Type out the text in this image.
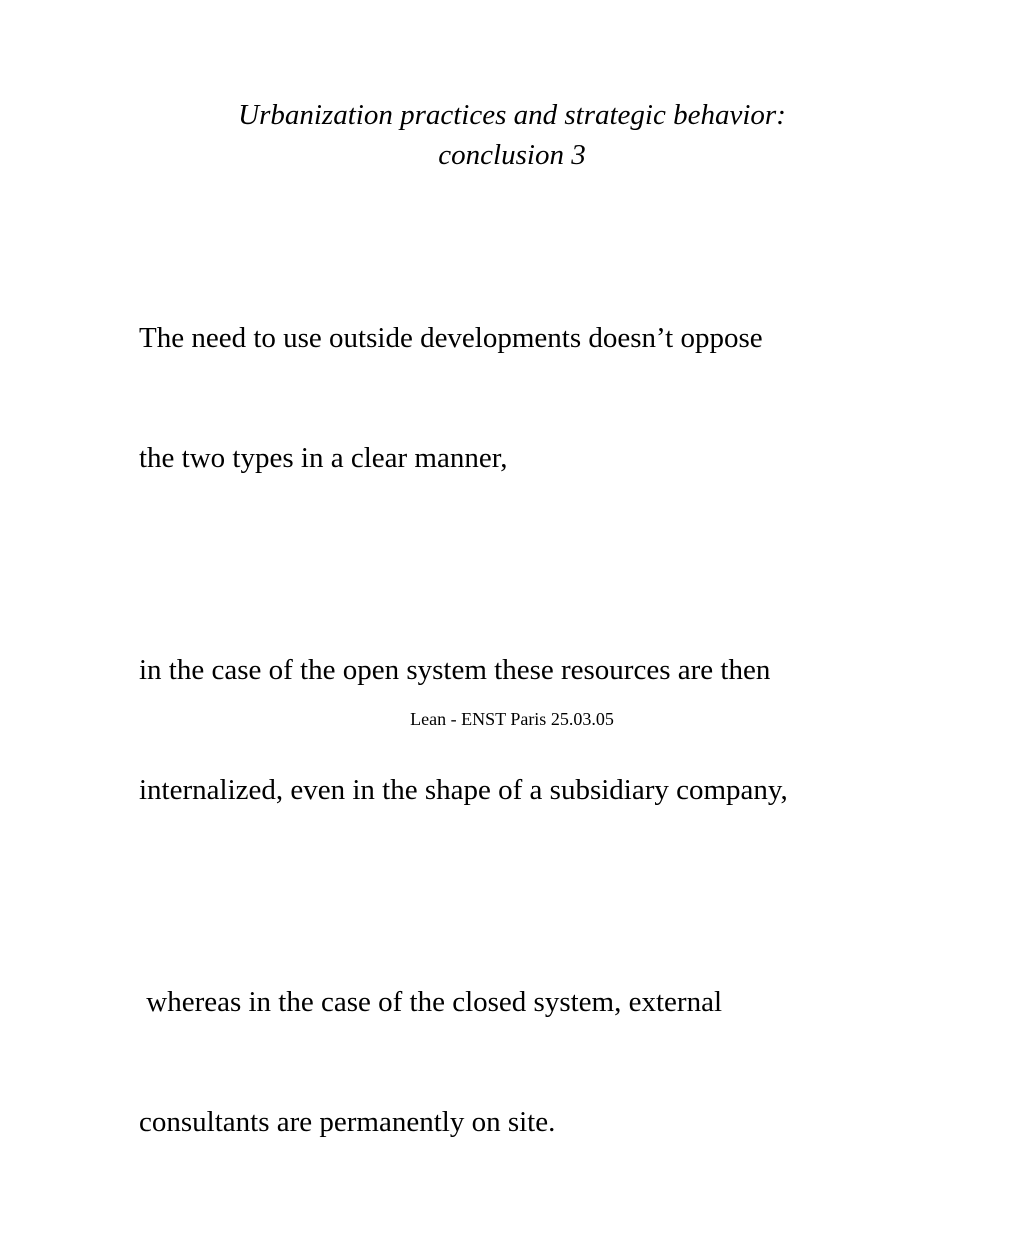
Urbanization practices and strategic behavior:
conclusion 3

The need to use outside developments doesn’t oppose

the two types in a clear manner,

in the case of the open system these resources are then

internalized, even in the shape of a subsidiary company,

whereas in the case of the closed system, external

consultants are permanently on site.

Lean - ENST Paris 25.03.05
